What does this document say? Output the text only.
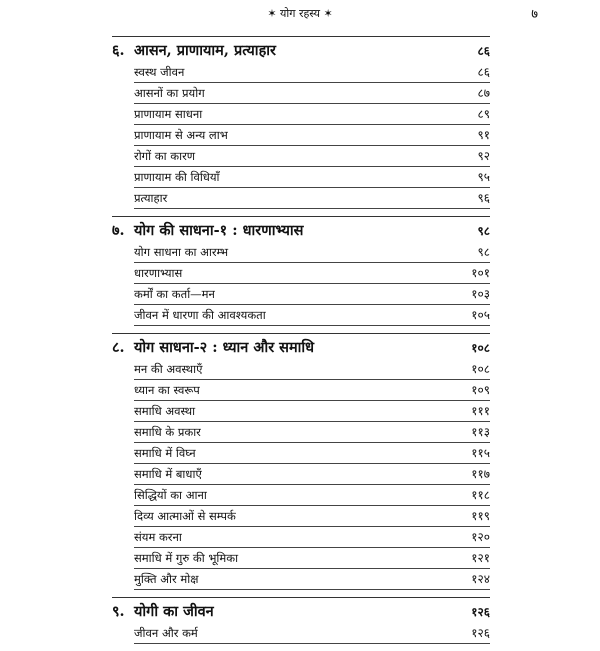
✶ योग रहस्य ✶	७
६. आसन, प्राणायाम, प्रत्याहार	८६
स्वस्थ जीवन	८६
आसनों का प्रयोग	८७
प्राणायाम साधना	८९
प्राणायाम से अन्य लाभ	९१
रोगों का कारण	९२
प्राणायाम की विधियाँ	९५
प्रत्याहार	९६
७. योग की साधना-१ : धारणाभ्यास	९८
योग साधना का आरम्भ	९८
धारणाभ्यास	१०१
कर्मों का कर्ता—मन	१०३
जीवन में धारणा की आवश्यकता	१०५
८. योग साधना-२ : ध्यान और समाधि	१०८
मन की अवस्थाएँ	१०८
ध्यान का स्वरूप	१०९
समाधि अवस्था	१११
समाधि के प्रकार	११३
समाधि में विघ्न	११५
समाधि में बाधाएँ	११७
सिद्धियों का आना	११८
दिव्य आत्माओं से सम्पर्क	११९
संयम करना	१२०
समाधि में गुरु की भूमिका	१२१
मुक्ति और मोक्ष	१२४
९. योगी का जीवन	१२६
जीवन और कर्म	१२६
